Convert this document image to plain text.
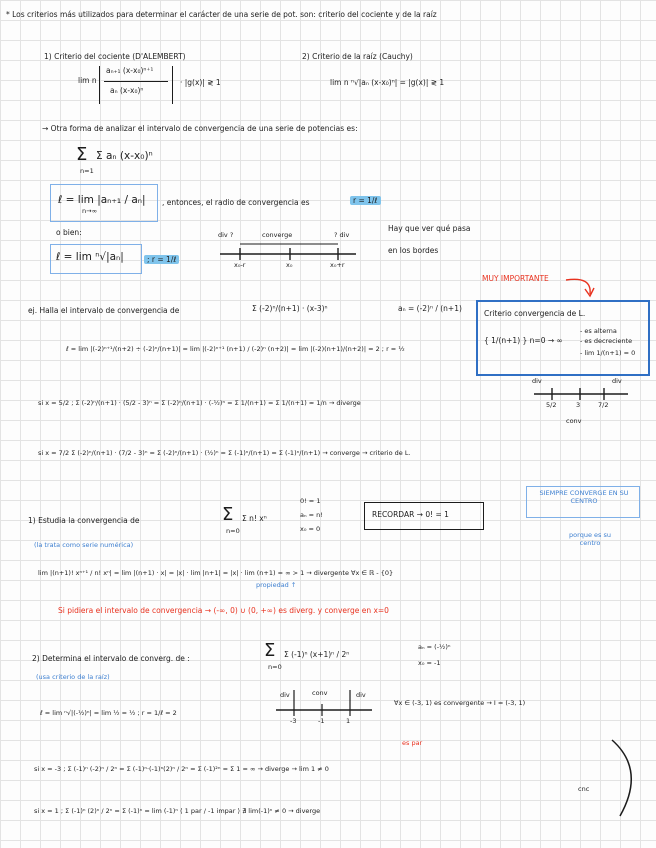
* Los criterios más utilizados para determinar el carácter de una serie de pot. son: criterio del cociente y de la raíz
1) Criterio del cociente (D'ALEMBERT)
lim n
aₙ₊₁ (x-x₀)ⁿ⁺¹
aₙ (x-x₀)ⁿ
· |g(x)| ≷ 1
2) Criterio de la raíz (Cauchy)
lim n ⁿ√|aₙ (x-x₀)ⁿ| = |g(x)| ≷ 1
→ Otra forma de analizar el intervalo de convergencia de una serie de potencias es:
Σ Σ aₙ (x-x₀)ⁿ
n=1
ℓ = lim |aₙ₊₁ / aₙ|
n→∞
, entonces, el radio de convergencia es	r = 1/ℓ
o bien:
ℓ = lim ⁿ√|aₙ|	; r = 1/ℓ
div ?	converge	? div
x₀-r	x₀	x₀+r
Hay que ver qué pasa
en los bordes
MUY IMPORTANTE
Criterio convergencia de L.
{ 1/(n+1) } n=0 → ∞
- es alterna
- es decreciente
- lim 1/(n+1) = 0
ej. Halla el intervalo de convergencia de	Σ (-2)ⁿ/(n+1) · (x-3)ⁿ	aₙ = (-2)ⁿ / (n+1)
ℓ = lim |(-2)ⁿ⁺¹/(n+2) ÷ (-2)ⁿ/(n+1)| = lim |(-2)ⁿ⁺¹ (n+1) / (-2)ⁿ (n+2)| = lim |(-2)(n+1)/(n+2)| = 2 ; r = ½
si x = 5/2 ; Σ (-2)ⁿ/(n+1) · (5/2 - 3)ⁿ = Σ (-2)ⁿ/(n+1) · (-½)ⁿ = Σ 1/(n+1) = Σ 1/(n+1) ≈ 1/n → diverge
si x = 7/2 Σ (-2)ⁿ/(n+1) · (7/2 - 3)ⁿ = Σ (-2)ⁿ/(n+1) · (½)ⁿ = Σ (-1)ⁿ/(n+1) = Σ (-1)ⁿ/(n+1) → converge → criterio de L.
div	div
5/2	3	7/2
conv
SIEMPRE CONVERGE EN SU CENTRO
1) Estudia la convergencia de	Σ Σ n! xⁿ
n=0
0! = 1
aₙ = n!
x₀ = 0
RECORDAR → 0! = 1
(la trata como serie numérica)
porque es su centro
lim |(n+1)! xⁿ⁺¹ / n! xⁿ| = lim |(n+1) · x| = |x| · lim |n+1| = |x| · lim (n+1) = ∞ > 1 → divergente ∀x ∈ ℝ - {0}
propiedad ↑
Si pidiera el intervalo de convergencia → (-∞, 0) ∪ (0, +∞) es diverg. y converge en x=0
2) Determina el intervalo de converg. de :	Σ Σ (-1)ⁿ (x+1)ⁿ / 2ⁿ
n=0
aₙ = (-½)ⁿ
x₀ = -1
(usa criterio de la raíz)
ℓ = lim ⁿ√|(-½)ⁿ| = lim ½ = ½ ; r = 1/ℓ = 2
div	conv	div
-3	-1	1
∀x ∈ (-3, 1) es convergente → I = (-3, 1)
si x = -3 ; Σ (-1)ⁿ (-2)ⁿ / 2ⁿ = Σ (-1)ⁿ·(-1)ⁿ(2)ⁿ / 2ⁿ = Σ (-1)²ⁿ = Σ 1 = ∞ → diverge → lim 1 ≠ 0
es par
cnc
si x = 1 ; Σ (-1)ⁿ (2)ⁿ / 2ⁿ = Σ (-1)ⁿ = lim (-1)ⁿ ⟨ 1 par / -1 impar ⟩ ∄ lim(-1)ⁿ ≠ 0 → diverge
